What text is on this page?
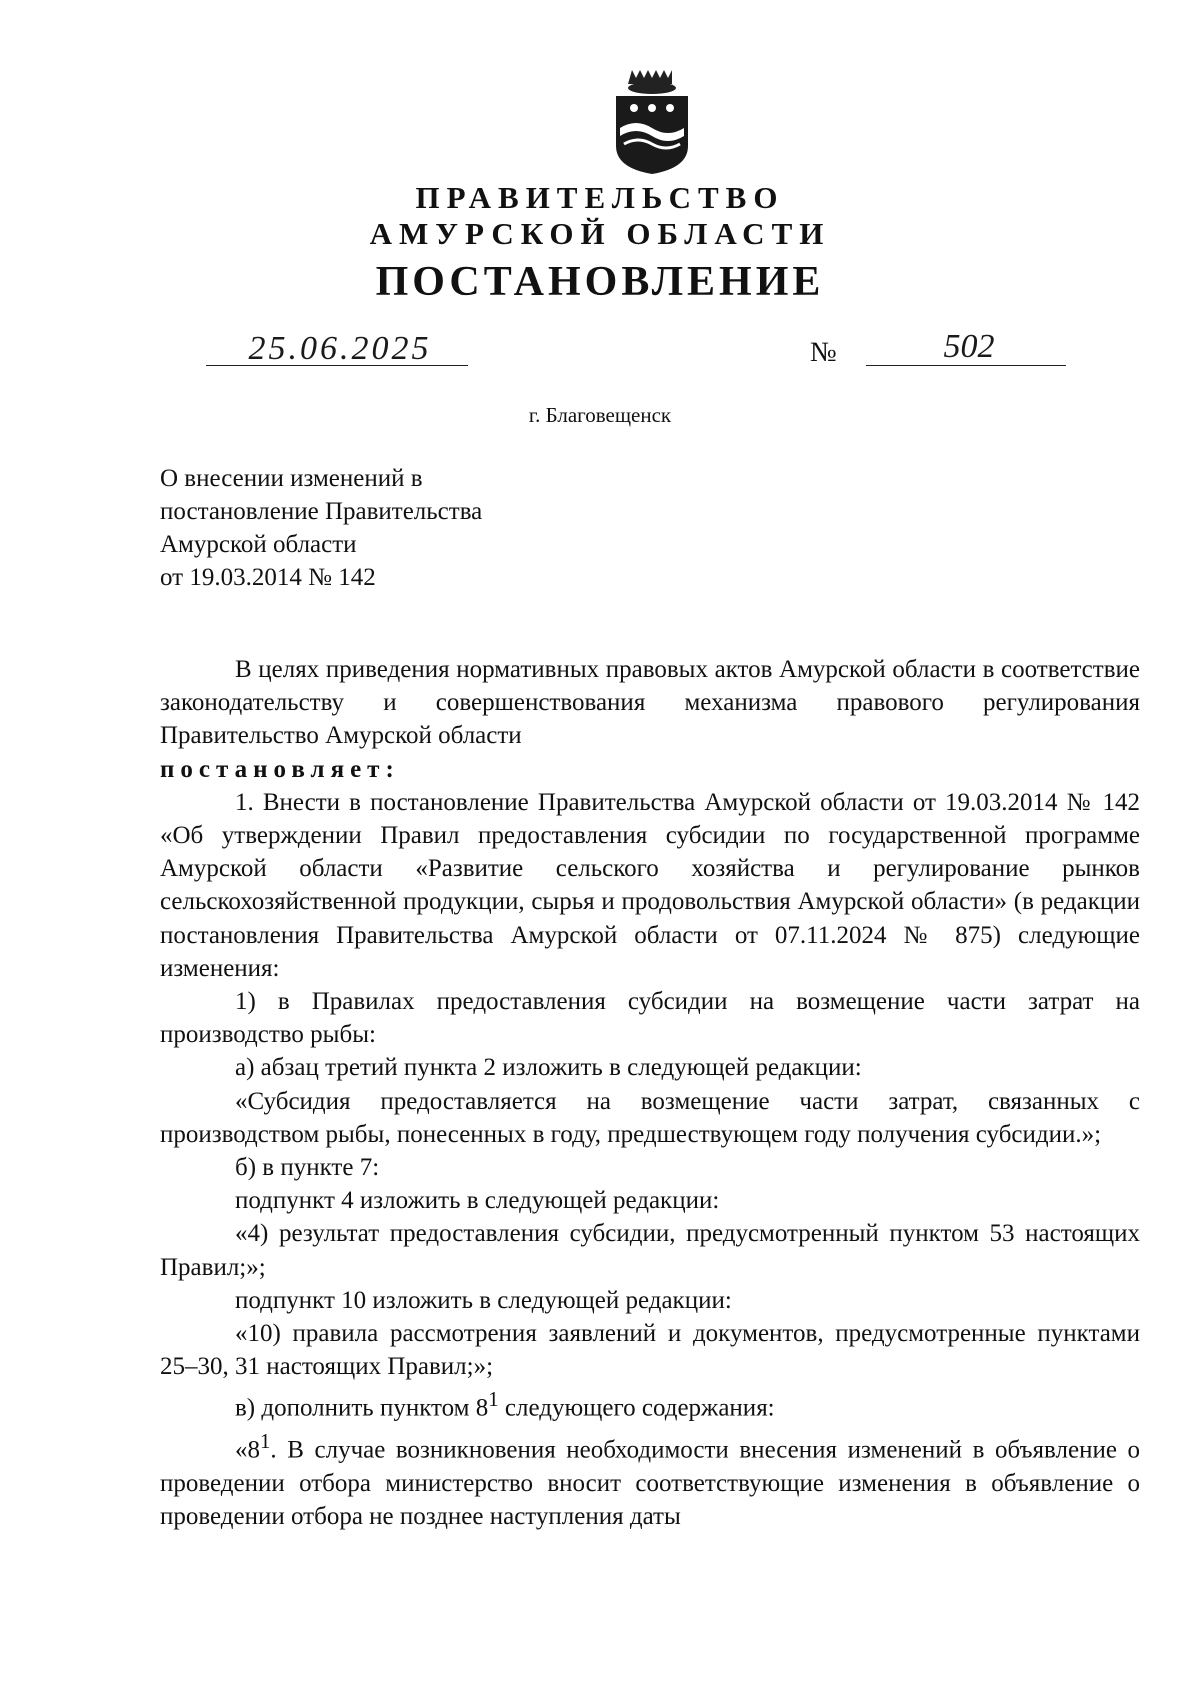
ПРАВИТЕЛЬСТВО
АМУРСКОЙ ОБЛАСТИ
ПОСТАНОВЛЕНИЕ
25.06.2025	№	502
г. Благовещенск
О внесении изменений в
постановление Правительства
Амурской области
от 19.03.2014 № 142

В целях приведения нормативных правовых актов Амурской области в соответствие законодательству и совершенствования механизма правового регулирования Правительство Амурской области

постановляет:

1. Внести в постановление Правительства Амурской области от 19.03.2014 № 142 «Об утверждении Правил предоставления субсидии по государственной программе Амурской области «Развитие сельского хозяйства и регулирование рынков сельскохозяйственной продукции, сырья и продовольствия Амурской области» (в редакции постановления Правительства Амурской области от 07.11.2024 № 875) следующие изменения:

1) в Правилах предоставления субсидии на возмещение части затрат на производство рыбы:

а) абзац третий пункта 2 изложить в следующей редакции:

«Субсидия предоставляется на возмещение части затрат, связанных с производством рыбы, понесенных в году, предшествующем году получения субсидии.»;

б) в пункте 7:

подпункт 4 изложить в следующей редакции:

«4) результат предоставления субсидии, предусмотренный пунктом 53 настоящих Правил;»;

подпункт 10 изложить в следующей редакции:

«10) правила рассмотрения заявлений и документов, предусмотренные пунктами 25–30, 31 настоящих Правил;»;

в) дополнить пунктом $8^1$ следующего содержания:

«$8^1$. В случае возникновения необходимости внесения изменений в объявление о проведении отбора министерство вносит соответствующие изменения в объявление о проведении отбора не позднее наступления даты
